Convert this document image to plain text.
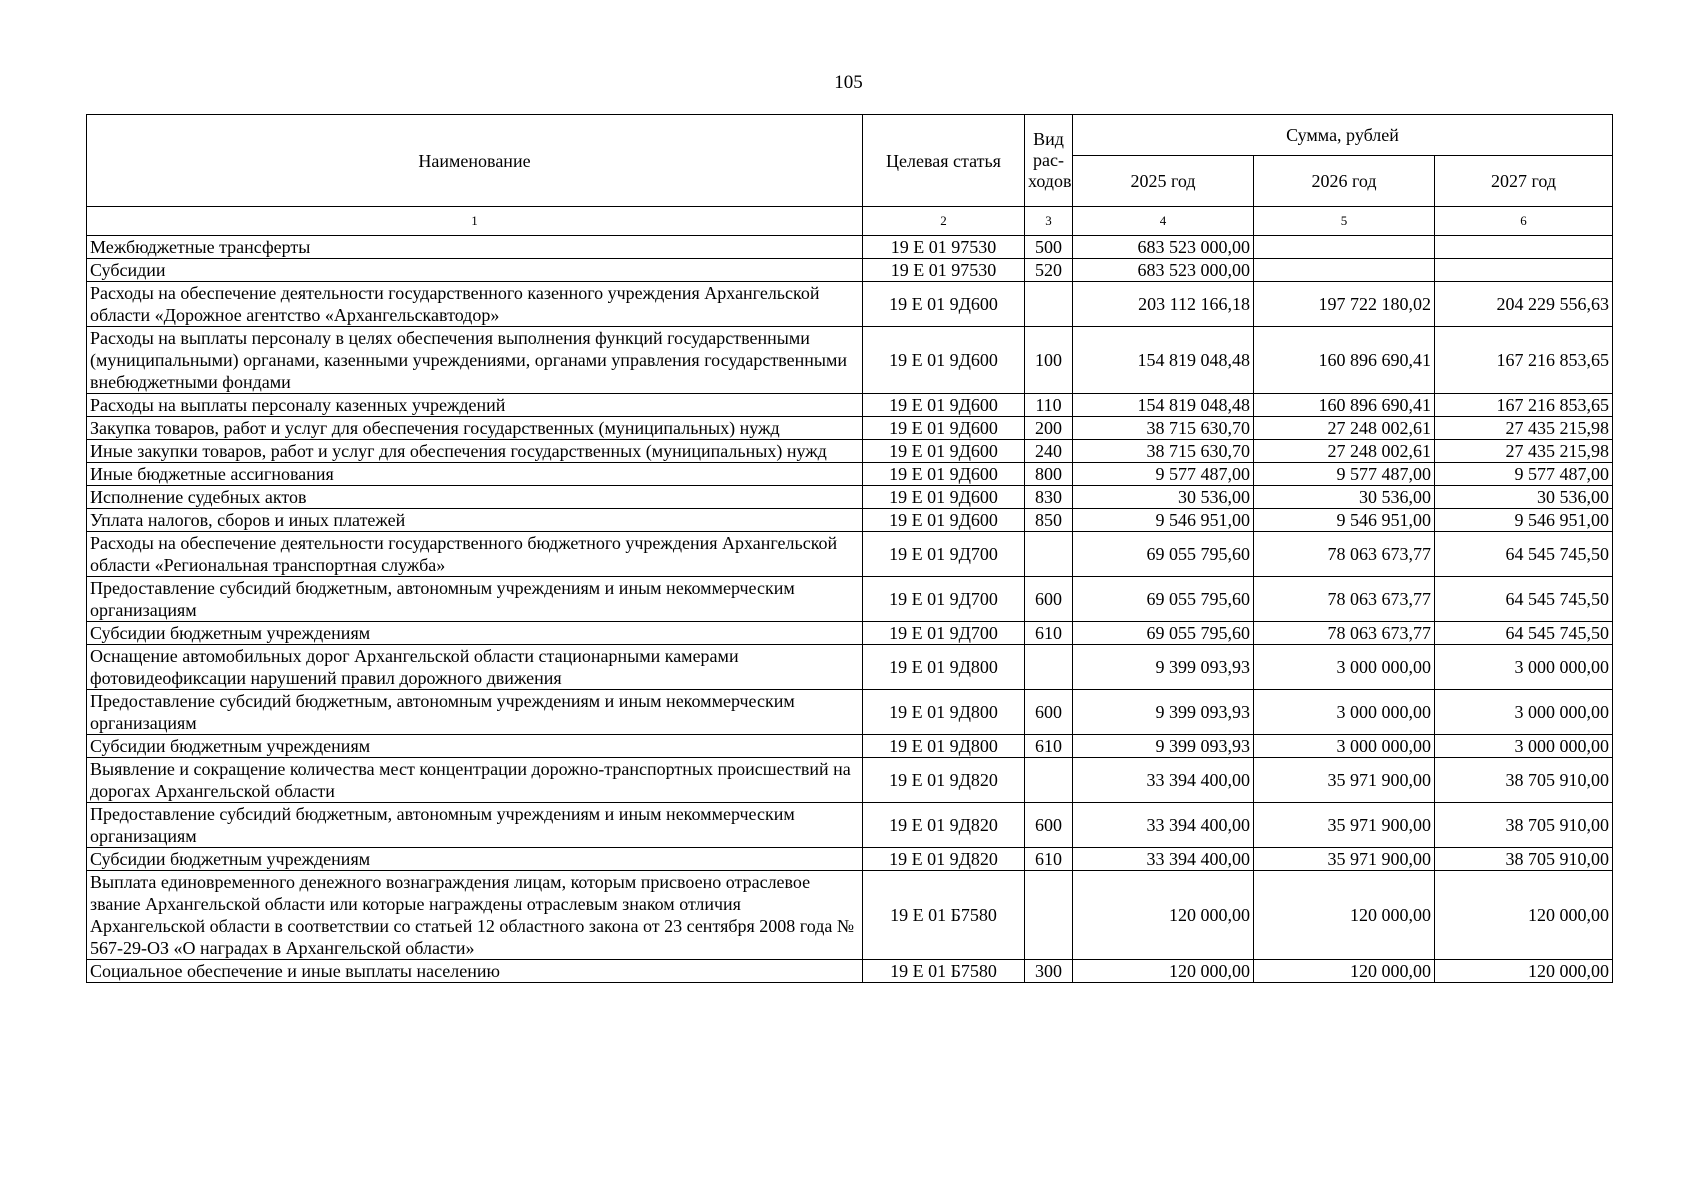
105
Наименование	Целевая статья	Вид рас-ходов	Сумма, рублей		
			2025 год	2026 год	2027 год
1	2	3	4	5	6
Межбюджетные трансферты	19 Е 01 97530	500	683 523 000,00		
Субсидии	19 Е 01 97530	520	683 523 000,00		
Расходы на обеспечение деятельности государственного казенного учреждения Архангельской области «Дорожное агентство «Архангельскавтодор»	19 Е 01 9Д600		203 112 166,18	197 722 180,02	204 229 556,63
Расходы на выплаты персоналу в целях обеспечения выполнения функций государственными (муниципальными) органами, казенными учреждениями, органами управления государственными внебюджетными фондами	19 Е 01 9Д600	100	154 819 048,48	160 896 690,41	167 216 853,65
Расходы на выплаты персоналу казенных учреждений	19 Е 01 9Д600	110	154 819 048,48	160 896 690,41	167 216 853,65
Закупка товаров, работ и услуг для обеспечения государственных (муниципальных) нужд	19 Е 01 9Д600	200	38 715 630,70	27 248 002,61	27 435 215,98
Иные закупки товаров, работ и услуг для обеспечения государственных (муниципальных) нужд	19 Е 01 9Д600	240	38 715 630,70	27 248 002,61	27 435 215,98
Иные бюджетные ассигнования	19 Е 01 9Д600	800	9 577 487,00	9 577 487,00	9 577 487,00
Исполнение судебных актов	19 Е 01 9Д600	830	30 536,00	30 536,00	30 536,00
Уплата налогов, сборов и иных платежей	19 Е 01 9Д600	850	9 546 951,00	9 546 951,00	9 546 951,00
Расходы на обеспечение деятельности государственного бюджетного учреждения Архангельской области «Региональная транспортная служба»	19 Е 01 9Д700		69 055 795,60	78 063 673,77	64 545 745,50
Предоставление субсидий бюджетным, автономным учреждениям и иным некоммерческим организациям	19 Е 01 9Д700	600	69 055 795,60	78 063 673,77	64 545 745,50
Субсидии бюджетным учреждениям	19 Е 01 9Д700	610	69 055 795,60	78 063 673,77	64 545 745,50
Оснащение автомобильных дорог Архангельской области стационарными камерами фотовидеофиксации нарушений правил дорожного движения	19 Е 01 9Д800		9 399 093,93	3 000 000,00	3 000 000,00
Предоставление субсидий бюджетным, автономным учреждениям и иным некоммерческим организациям	19 Е 01 9Д800	600	9 399 093,93	3 000 000,00	3 000 000,00
Субсидии бюджетным учреждениям	19 Е 01 9Д800	610	9 399 093,93	3 000 000,00	3 000 000,00
Выявление и сокращение количества мест концентрации дорожно-транспортных происшествий на дорогах Архангельской области	19 Е 01 9Д820		33 394 400,00	35 971 900,00	38 705 910,00
Предоставление субсидий бюджетным, автономным учреждениям и иным некоммерческим организациям	19 Е 01 9Д820	600	33 394 400,00	35 971 900,00	38 705 910,00
Субсидии бюджетным учреждениям	19 Е 01 9Д820	610	33 394 400,00	35 971 900,00	38 705 910,00
Выплата единовременного денежного вознаграждения лицам, которым присвоено отраслевое звание Архангельской области или которые награждены отраслевым знаком отличия Архангельской области в соответствии со статьей 12 областного закона от 23 сентября 2008 года № 567-29-ОЗ «О наградах в Архангельской области»	19 Е 01 Б7580		120 000,00	120 000,00	120 000,00
Социальное обеспечение и иные выплаты населению	19 Е 01 Б7580	300	120 000,00	120 000,00	120 000,00
